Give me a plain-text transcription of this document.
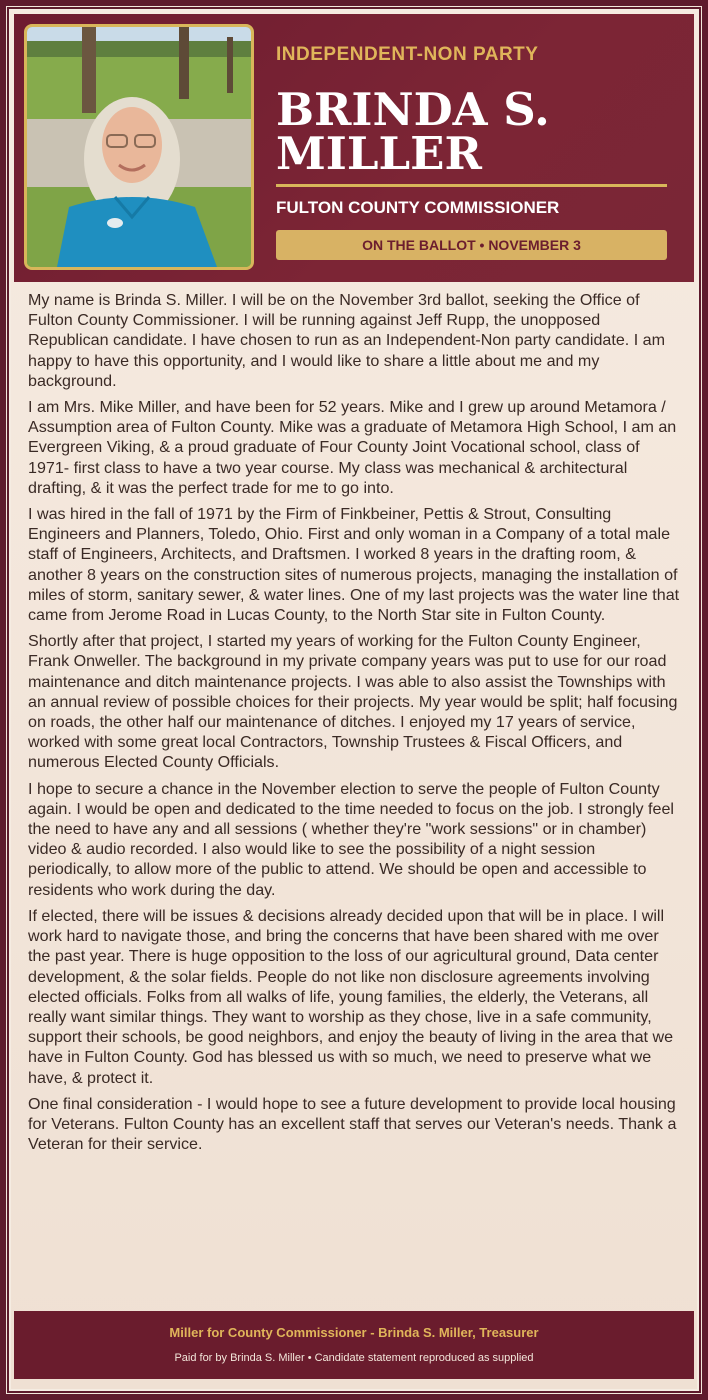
INDEPENDENT-NON PARTY
BRINDA S.
MILLER
FULTON COUNTY COMMISSIONER
ON THE BALLOT • NOVEMBER 3

My name is Brinda S. Miller. I will be on the November 3rd ballot, seeking the Office of Fulton County Commissioner. I will be running against Jeff Rupp, the unopposed Republican candidate. I have chosen to run as an Independent-Non party candidate. I am happy to have this opportunity, and I would like to share a little about me and my background.

I am Mrs. Mike Miller, and have been for 52 years. Mike and I grew up around Metamora / Assumption area of Fulton County. Mike was a graduate of Metamora High School, I am an Evergreen Viking, & a proud graduate of Four County Joint Vocational school, class of 1971- first class to have a two year course. My class was mechanical & architectural drafting, & it was the perfect trade for me to go into.

I was hired in the fall of 1971 by the Firm of Finkbeiner, Pettis & Strout, Consulting Engineers and Planners, Toledo, Ohio. First and only woman in a Company of a total male staff of Engineers, Architects, and Draftsmen. I worked 8 years in the drafting room, & another 8 years on the construction sites of numerous projects, managing the installation of miles of storm, sanitary sewer, & water lines. One of my last projects was the water line that came from Jerome Road in Lucas County, to the North Star site in Fulton County.

Shortly after that project, I started my years of working for the Fulton County Engineer, Frank Onweller. The background in my private company years was put to use for our road maintenance and ditch maintenance projects. I was able to also assist the Townships with an annual review of possible choices for their projects. My year would be split; half focusing on roads, the other half our maintenance of ditches. I enjoyed my 17 years of service, worked with some great local Contractors, Township Trustees & Fiscal Officers, and numerous Elected County Officials.

I hope to secure a chance in the November election to serve the people of Fulton County again. I would be open and dedicated to the time needed to focus on the job. I strongly feel the need to have any and all sessions ( whether they're "work sessions" or in chamber) video & audio recorded. I also would like to see the possibility of a night session periodically, to allow more of the public to attend. We should be open and accessible to residents who work during the day.

If elected, there will be issues & decisions already decided upon that will be in place. I will work hard to navigate those, and bring the concerns that have been shared with me over the past year. There is huge opposition to the loss of our agricultural ground, Data center development, & the solar fields. People do not like non disclosure agreements involving elected officials. Folks from all walks of life, young families, the elderly, the Veterans, all really want similar things. They want to worship as they chose, live in a safe community, support their schools, be good neighbors, and enjoy the beauty of living in the area that we have in Fulton County. God has blessed us with so much, we need to preserve what we have, & protect it.

One final consideration - I would hope to see a future development to provide local housing for Veterans. Fulton County has an excellent staff that serves our Veteran's needs. Thank a Veteran for their service.

Miller for County Commissioner - Brinda S. Miller, Treasurer
Paid for by Brinda S. Miller • Candidate statement reproduced as supplied
